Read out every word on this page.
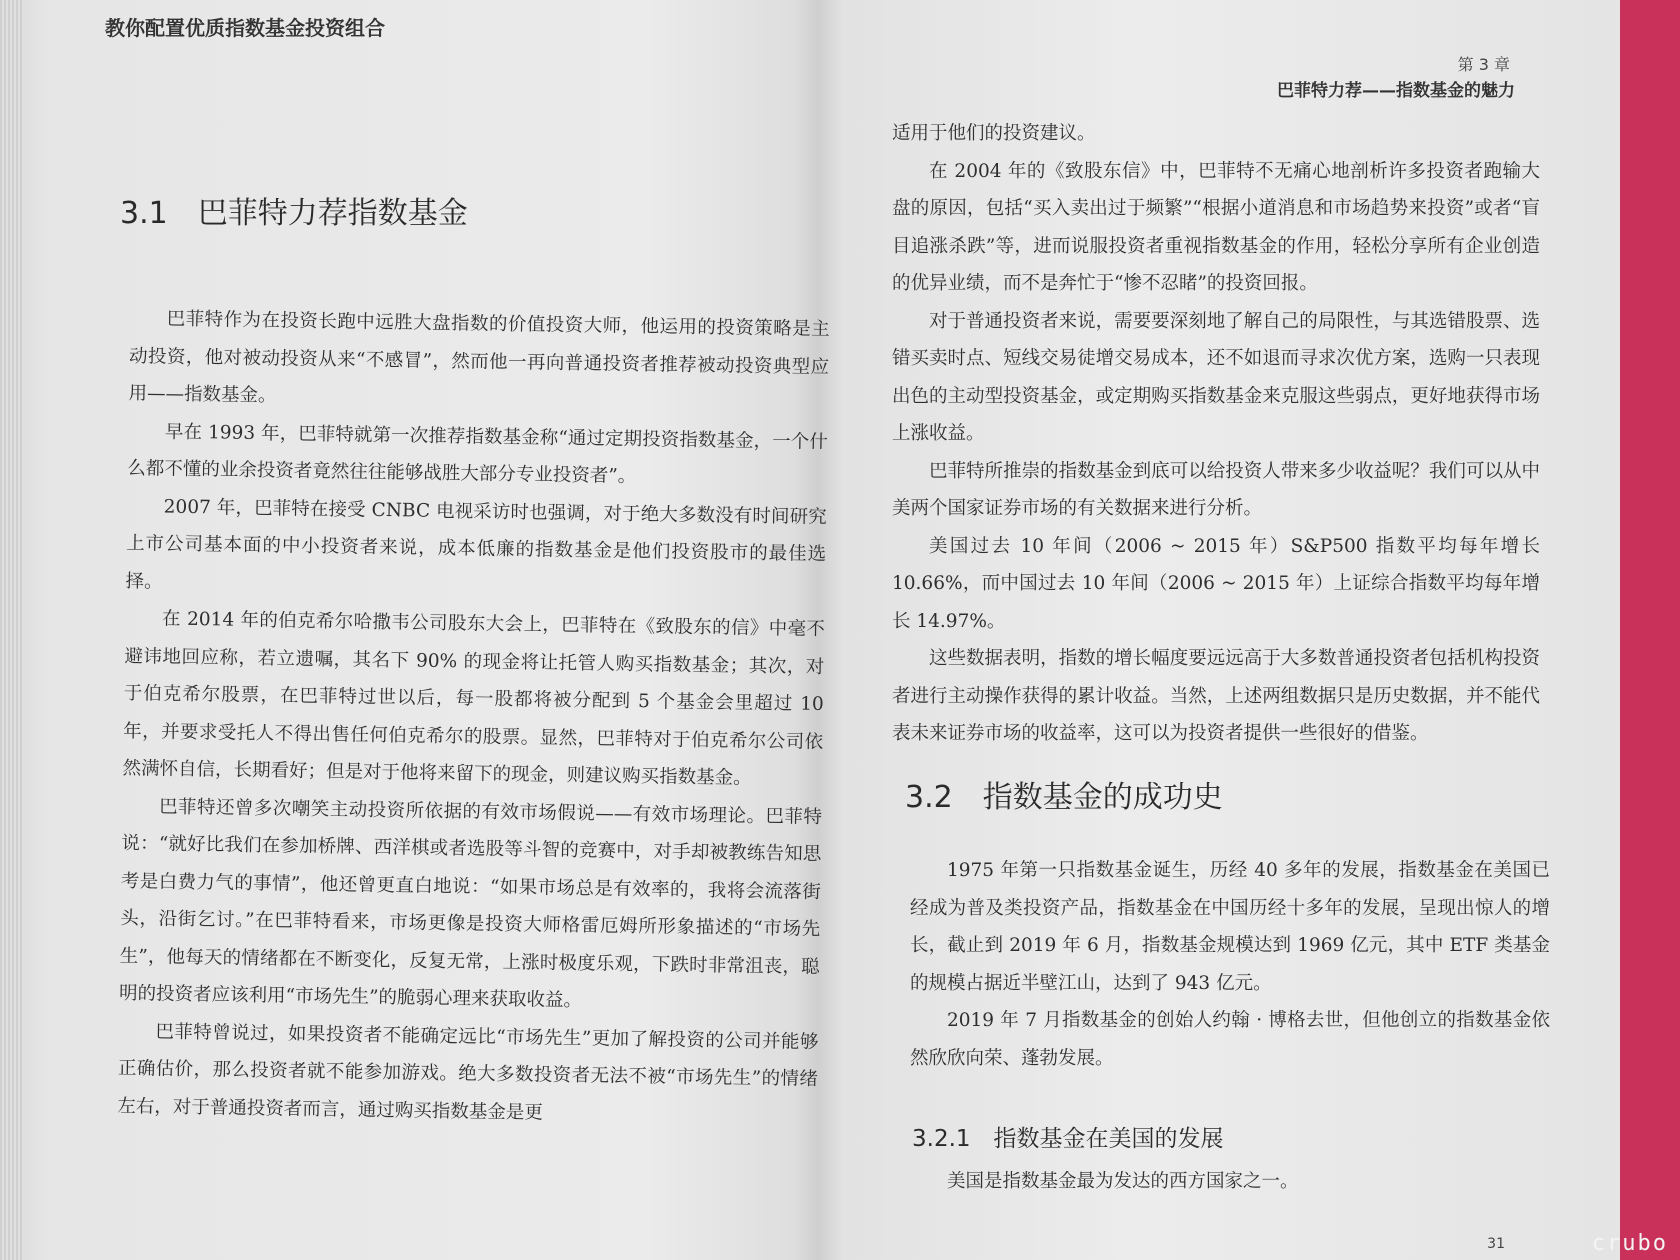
教你配置优质指数基金投资组合
3.1　巴菲特力荐指数基金

巴菲特作为在投资长跑中远胜大盘指数的价值投资大师，他运用的投资策略是主动投资，他对被动投资从来“不感冒”，然而他一再向普通投资者推荐被动投资典型应用——指数基金。

早在 1993 年，巴菲特就第一次推荐指数基金称“通过定期投资指数基金，一个什么都不懂的业余投资者竟然往往能够战胜大部分专业投资者”。

2007 年，巴菲特在接受 CNBC 电视采访时也强调，对于绝大多数没有时间研究上市公司基本面的中小投资者来说，成本低廉的指数基金是他们投资股市的最佳选择。

在 2014 年的伯克希尔哈撒韦公司股东大会上，巴菲特在《致股东的信》中毫不避讳地回应称，若立遗嘱，其名下 90% 的现金将让托管人购买指数基金；其次，对于伯克希尔股票，在巴菲特过世以后，每一股都将被分配到 5 个基金会里超过 10 年，并要求受托人不得出售任何伯克希尔的股票。显然，巴菲特对于伯克希尔公司依然满怀自信，长期看好；但是对于他将来留下的现金，则建议购买指数基金。

巴菲特还曾多次嘲笑主动投资所依据的有效市场假说——有效市场理论。巴菲特说：“就好比我们在参加桥牌、西洋棋或者选股等斗智的竞赛中，对手却被教练告知思考是白费力气的事情”，他还曾更直白地说：“如果市场总是有效率的，我将会流落街头，沿街乞讨。”在巴菲特看来，市场更像是投资大师格雷厄姆所形象描述的“市场先生”，他每天的情绪都在不断变化，反复无常，上涨时极度乐观，下跌时非常沮丧，聪明的投资者应该利用“市场先生”的脆弱心理来获取收益。

巴菲特曾说过，如果投资者不能确定远比“市场先生”更加了解投资的公司并能够正确估价，那么投资者就不能参加游戏。绝大多数投资者无法不被“市场先生”的情绪左右，对于普通投资者而言，通过购买指数基金是更

第 3 章
巴菲特力荐——指数基金的魅力

适用于他们的投资建议。

在 2004 年的《致股东信》中，巴菲特不无痛心地剖析许多投资者跑输大盘的原因，包括“买入卖出过于频繁”“根据小道消息和市场趋势来投资”或者“盲目追涨杀跌”等，进而说服投资者重视指数基金的作用，轻松分享所有企业创造的优异业绩，而不是奔忙于“惨不忍睹”的投资回报。

对于普通投资者来说，需要要深刻地了解自己的局限性，与其选错股票、选错买卖时点、短线交易徒增交易成本，还不如退而寻求次优方案，选购一只表现出色的主动型投资基金，或定期购买指数基金来克服这些弱点，更好地获得市场上涨收益。

巴菲特所推崇的指数基金到底可以给投资人带来多少收益呢？我们可以从中美两个国家证券市场的有关数据来进行分析。

美国过去 10 年间（2006 ~ 2015 年）S&P500 指数平均每年增长 10.66%，而中国过去 10 年间（2006 ~ 2015 年）上证综合指数平均每年增长 14.97%。

这些数据表明，指数的增长幅度要远远高于大多数普通投资者包括机构投资者进行主动操作获得的累计收益。当然，上述两组数据只是历史数据，并不能代表未来证券市场的收益率，这可以为投资者提供一些很好的借鉴。

3.2　指数基金的成功史

1975 年第一只指数基金诞生，历经 40 多年的发展，指数基金在美国已经成为普及类投资产品，指数基金在中国历经十多年的发展，呈现出惊人的增长，截止到 2019 年 6 月，指数基金规模达到 1969 亿元，其中 ETF 类基金的规模占据近半壁江山，达到了 943 亿元。

2019 年 7 月指数基金的创始人约翰 · 博格去世，但他创立的指数基金依然欣欣向荣、蓬勃发展。

3.2.1　指数基金在美国的发展

美国是指数基金最为发达的西方国家之一。

31	crubo
